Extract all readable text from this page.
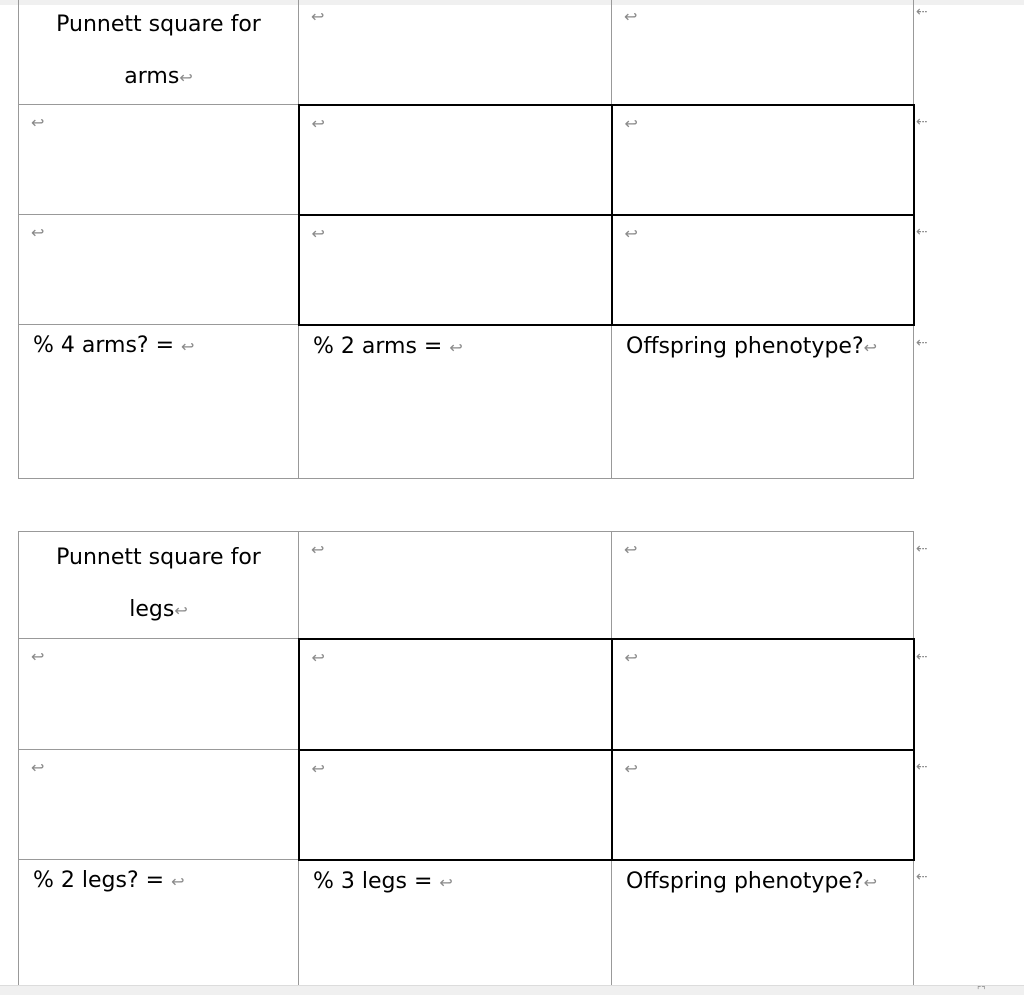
Punnett square for
arms↩	↩	↩

↩	↩	↩

↩	↩	↩

% 4 arms? = ↩	% 2 arms = ↩	Offspring phenotype?↩
⇠
⇠
⇠
⇠
Punnett square for
legs↩	↩	↩

↩	↩	↩

↩	↩	↩

% 2 legs? = ↩	% 3 legs = ↩	Offspring phenotype?↩
⇠
⇠
⇠
⇠
⌜⌝
